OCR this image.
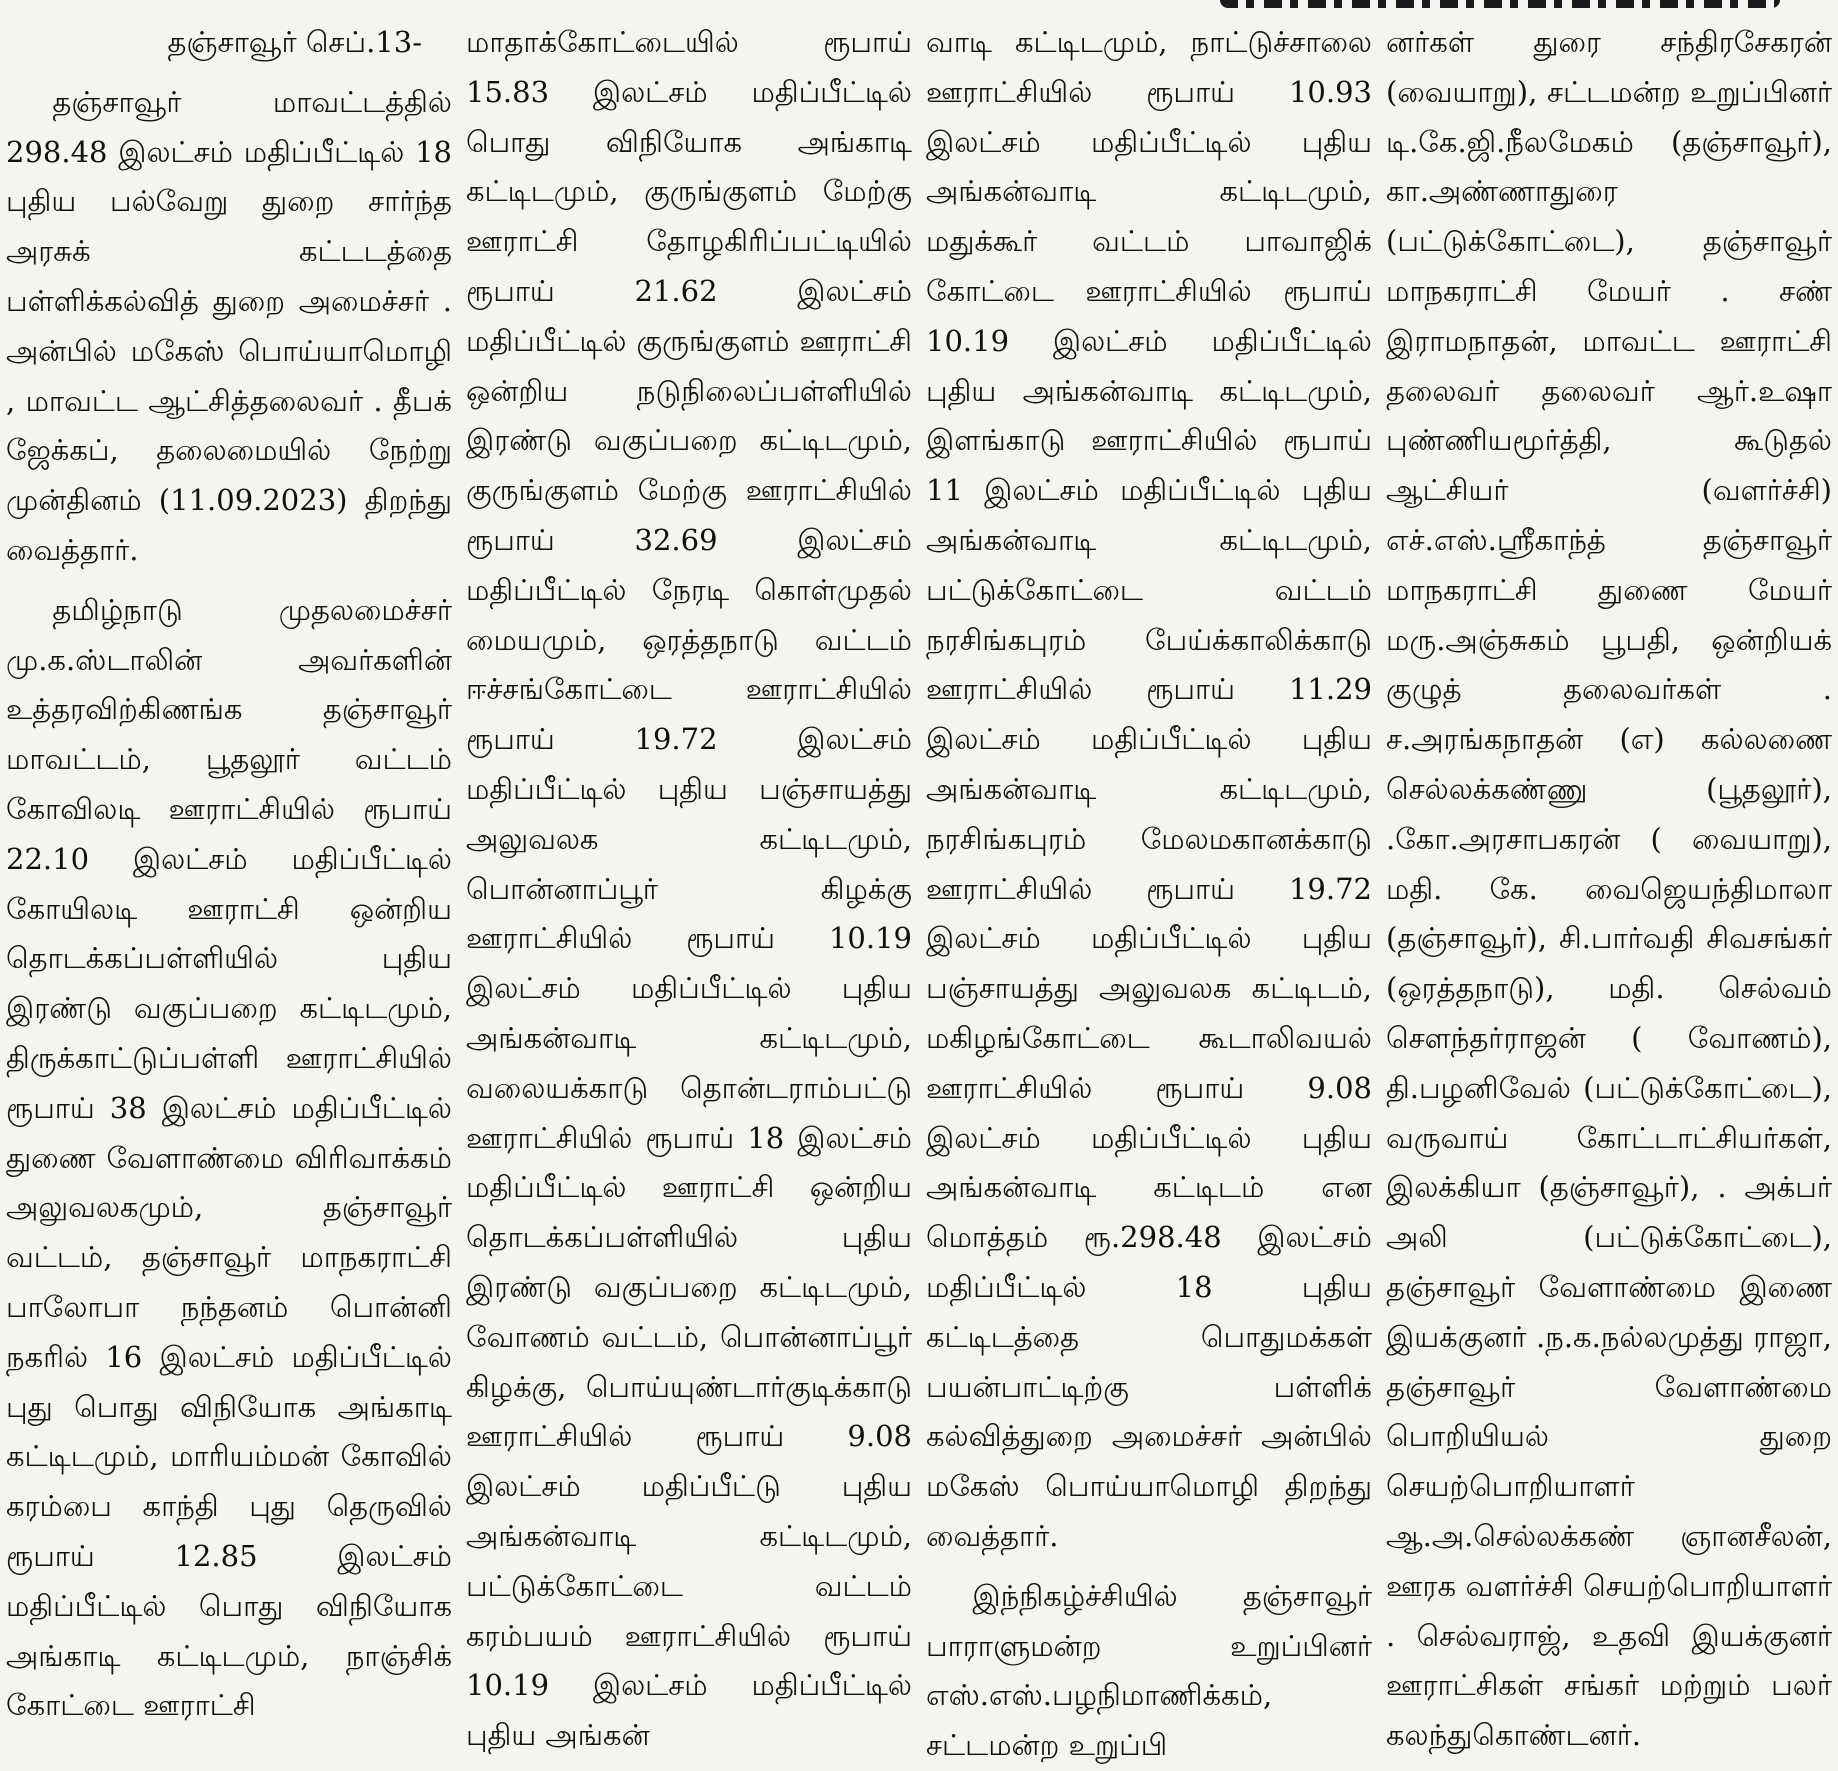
தஞ்சாவூர் செப்.13-

தஞ்சாவூர் மாவட்டத்தில் 298.48 இலட்சம் மதிப்பீட்டில் 18 புதிய பல்வேறு துறை சார்ந்த அரசுக் கட்டடத்தை பள்ளிக்கல்வித் துறை அமைச்சர் . அன்பில் மகேஸ் பொய்யாமொழி , மாவட்ட ஆட்சித்தலைவர் . தீபக் ஜேக்கப், தலைமையில் நேற்று முன்தினம் (11.09.2023) திறந்து வைத்தார்.

தமிழ்நாடு முதலமைச்சர் மு.க.ஸ்டாலின் அவர்களின் உத்தரவிற்கிணங்க தஞ்சாவூர் மாவட்டம், பூதலூர் வட்டம் கோவிலடி ஊராட்சியில் ரூபாய் 22.10 இலட்சம் மதிப்பீட்டில் கோயிலடி ஊராட்சி ஒன்றிய தொடக்கப்பள்ளியில் புதிய இரண்டு வகுப்பறை கட்டிடமும், திருக்காட்டுப்பள்ளி ஊராட்சியில் ரூபாய் 38 இலட்சம் மதிப்பீட்டில் துணை வேளாண்மை விரிவாக்கம் அலுவலகமும், தஞ்சாவூர் வட்டம், தஞ்சாவூர் மாநகராட்சி பாலோபா நந்தனம் பொன்னி நகரில் 16 இலட்சம் மதிப்பீட்டில் புது பொது விநியோக அங்காடி கட்டிடமும், மாரியம்மன் கோவில் கரம்பை காந்தி புது தெருவில் ரூபாய் 12.85 இலட்சம் மதிப்பீட்டில் பொது விநியோக அங்காடி கட்டிடமும், நாஞ்சிக் கோட்டை ஊராட்சி

மாதாக்கோட்டையில் ரூபாய் 15.83 இலட்சம் மதிப்பீட்டில் பொது விநியோக அங்காடி கட்டிடமும், குருங்குளம் மேற்கு ஊராட்சி தோழகிரிப்பட்டியில் ரூபாய் 21.62 இலட்சம் மதிப்பீட்டில் குருங்குளம் ஊராட்சி ஒன்றிய நடுநிலைப்பள்ளியில் இரண்டு வகுப்பறை கட்டிடமும், குருங்குளம் மேற்கு ஊராட்சியில் ரூபாய் 32.69 இலட்சம் மதிப்பீட்டில் நேரடி கொள்முதல் மையமும், ஒரத்தநாடு வட்டம் ஈச்சங்கோட்டை ஊராட்சியில் ரூபாய் 19.72 இலட்சம் மதிப்பீட்டில் புதிய பஞ்சாயத்து அலுவலக கட்டிடமும், பொன்னாப்பூர் கிழக்கு ஊராட்சியில் ரூபாய் 10.19 இலட்சம் மதிப்பீட்டில் புதிய அங்கன்வாடி கட்டிடமும், வலையக்காடு தொன்டராம்பட்டு ஊராட்சியில் ரூபாய் 18 இலட்சம் மதிப்பீட்டில் ஊராட்சி ஒன்றிய தொடக்கப்பள்ளியில் புதிய இரண்டு வகுப்பறை கட்டிடமும், வோணம் வட்டம், பொன்னாப்பூர் கிழக்கு, பொய்யுண்டார்குடிக்காடு ஊராட்சியில் ரூபாய் 9.08 இலட்சம் மதிப்பீட்டு புதிய அங்கன்வாடி கட்டிடமும், பட்டுக்கோட்டை வட்டம் கரம்பயம் ஊராட்சியில் ரூபாய் 10.19 இலட்சம் மதிப்பீட்டில் புதிய அங்கன்

வாடி கட்டிடமும், நாட்டுச்சாலை ஊராட்சியில் ரூபாய் 10.93 இலட்சம் மதிப்பீட்டில் புதிய அங்கன்வாடி கட்டிடமும், மதுக்கூர் வட்டம் பாவாஜிக் கோட்டை ஊராட்சியில் ரூபாய் 10.19 இலட்சம் மதிப்பீட்டில் புதிய அங்கன்வாடி கட்டிடமும், இளங்காடு ஊராட்சியில் ரூபாய் 11 இலட்சம் மதிப்பீட்டில் புதிய அங்கன்வாடி கட்டிடமும், பட்டுக்கோட்டை வட்டம் நரசிங்கபுரம் பேய்க்காலிக்காடு ஊராட்சியில் ரூபாய் 11.29 இலட்சம் மதிப்பீட்டில் புதிய அங்கன்வாடி கட்டிடமும், நரசிங்கபுரம் மேலமகானக்காடு ஊராட்சியில் ரூபாய் 19.72 இலட்சம் மதிப்பீட்டில் புதிய பஞ்சாயத்து அலுவலக கட்டிடம், மகிழங்கோட்டை கூடாலிவயல் ஊராட்சியில் ரூபாய் 9.08 இலட்சம் மதிப்பீட்டில் புதிய அங்கன்வாடி கட்டிடம் என மொத்தம் ரூ.298.48 இலட்சம் மதிப்பீட்டில் 18 புதிய கட்டிடத்தை பொதுமக்கள் பயன்பாட்டிற்கு பள்ளிக் கல்வித்துறை அமைச்சர் அன்பில் மகேஸ் பொய்யாமொழி திறந்து வைத்தார்.

இந்நிகழ்ச்சியில் தஞ்சாவூர் பாராளுமன்ற உறுப்பினர் எஸ்.எஸ்.பழநிமாணிக்கம், சட்டமன்ற உறுப்பி

னர்கள் துரை சந்திரசேகரன் (வையாறு), சட்டமன்ற உறுப்பினர் டி.கே.ஜி.நீலமேகம் (தஞ்சாவூர்), கா.அண்ணாதுரை (பட்டுக்கோட்டை), தஞ்சாவூர் மாநகராட்சி மேயர் . சண் இராமநாதன், மாவட்ட ஊராட்சி தலைவர் தலைவர் ஆர்.உஷா புண்ணியமூர்த்தி, கூடுதல் ஆட்சியர் (வளர்ச்சி) எச்.எஸ்.ஸ்ரீகாந்த் தஞ்சாவூர் மாநகராட்சி துணை மேயர் மரு.அஞ்சுகம் பூபதி, ஒன்றியக் குழுத் தலைவர்கள் . ச.அரங்கநாதன் (எ) கல்லணை செல்லக்கண்ணு (பூதலூர்), .கோ.அரசாபகரன் ( வையாறு), மதி. கே. வைஜெயந்திமாலா (தஞ்சாவூர்), சி.பார்வதி சிவசங்கர் (ஒரத்தநாடு), மதி. செல்வம் சௌந்தர்ராஜன் ( வோணம்), தி.பழனிவேல் (பட்டுக்கோட்டை), வருவாய் கோட்டாட்சியர்கள், இலக்கியா (தஞ்சாவூர்), . அக்பர் அலி (பட்டுக்கோட்டை), தஞ்சாவூர் வேளாண்மை இணை இயக்குனர் .ந.க.நல்லமுத்து ராஜா, தஞ்சாவூர் வேளாண்மை பொறியியல் துறை செயற்பொறியாளர் ஆ.அ.செல்லக்கண் ஞானசீலன், ஊரக வளர்ச்சி செயற்பொறியாளர் . செல்வராஜ், உதவி இயக்குனர் ஊராட்சிகள் சங்கர் மற்றும் பலர் கலந்துகொண்டனர்.
